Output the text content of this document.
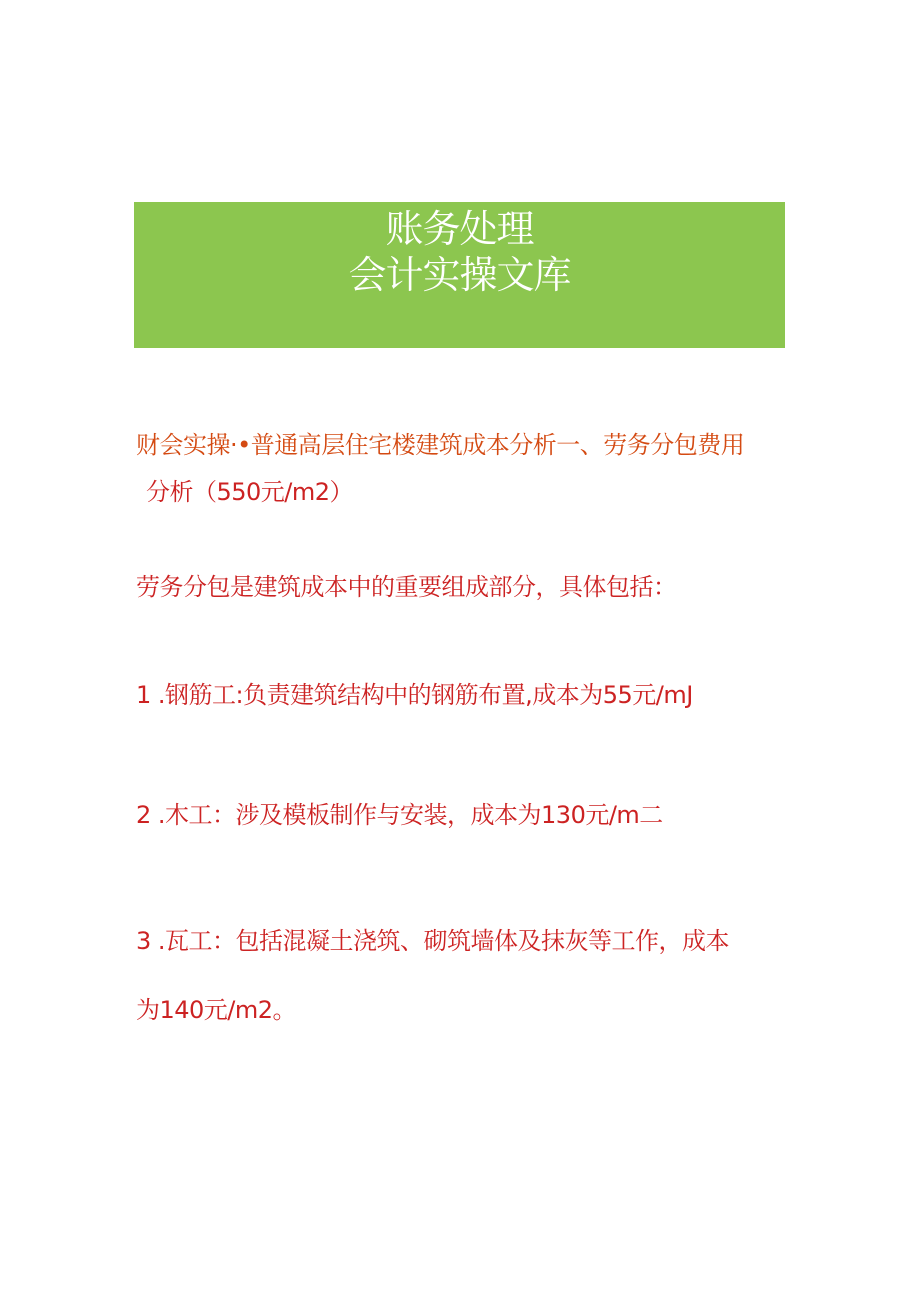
账务处理
会计实操文库
财会实操·•普通高层住宅楼建筑成本分析一、劳务分包费用
分析（550元/m2）
劳务分包是建筑成本中的重要组成部分，具体包括：
1 .钢筋工:负责建筑结构中的钢筋布置,成本为55元/mJ
2 .木工：涉及模板制作与安装，成本为130元/m二
3 .瓦工：包括混凝土浇筑、砌筑墙体及抹灰等工作，成本
为140元/m2。
